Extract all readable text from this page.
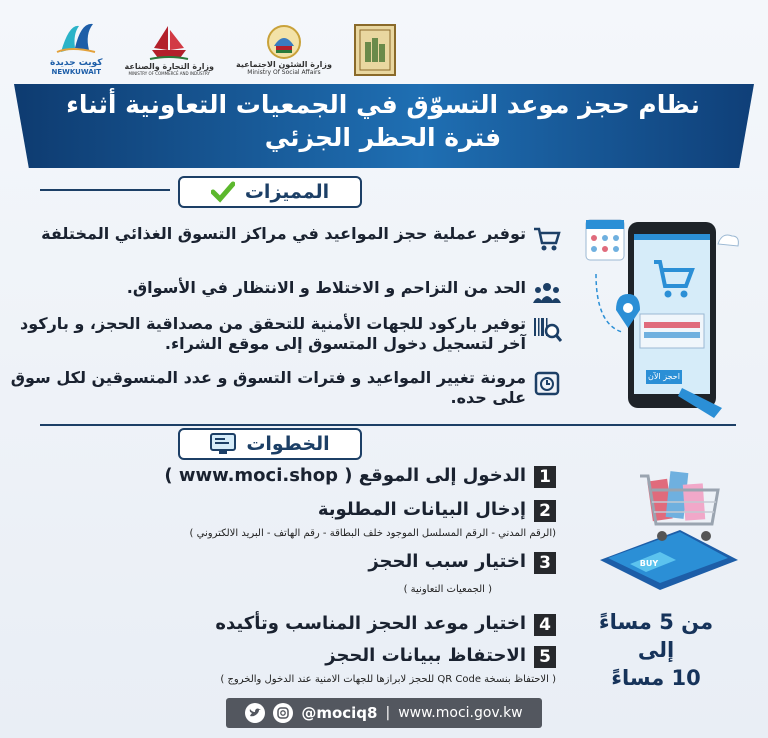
كويت جديدة
NEWKUWAIT
وزارة التجارة والصناعة
MINISTRY OF COMMERCE AND INDUSTRY
وزارة الشئون الاجتماعية
Ministry Of Social Affairs
نظام حجز موعد التسوّق في الجمعيات التعاونية أثناء فترة الحظر الجزئي
المميزات
توفير عملية حجز المواعيد في مراكز التسوق الغذائي المختلفة
الحد من التزاحم و الاختلاط و الانتظار في الأسواق.
توفير باركود للجهات الأمنية للتحقق من مصداقية الحجز، و باركود آخر لتسجيل دخول المتسوق إلى موقع الشراء.
مرونة تغيير المواعيد و فترات التسوق و عدد المتسوقين لكل سوق على حده.
احجز الآن
الخطوات
1
الدخول إلى الموقع ( www.moci.shop )
2
إدخال البيانات المطلوبة
(الرقم المدني - الرقم المسلسل الموجود خلف البطاقة - رقم الهاتف - البريد الالكتروني )
3
اختيار سبب الحجز
( الجمعيات التعاونية )
4
اختيار موعد الحجز المناسب وتأكيده
5
الاحتفاظ ببيانات الحجز
( الاحتفاظ بنسخة QR Code للحجز لابرازها للجهات الامنية عند الدخول والخروج )
BUY
من 5 مساءً إلى
10 مساءً
@mociq8 | www.moci.gov.kw
